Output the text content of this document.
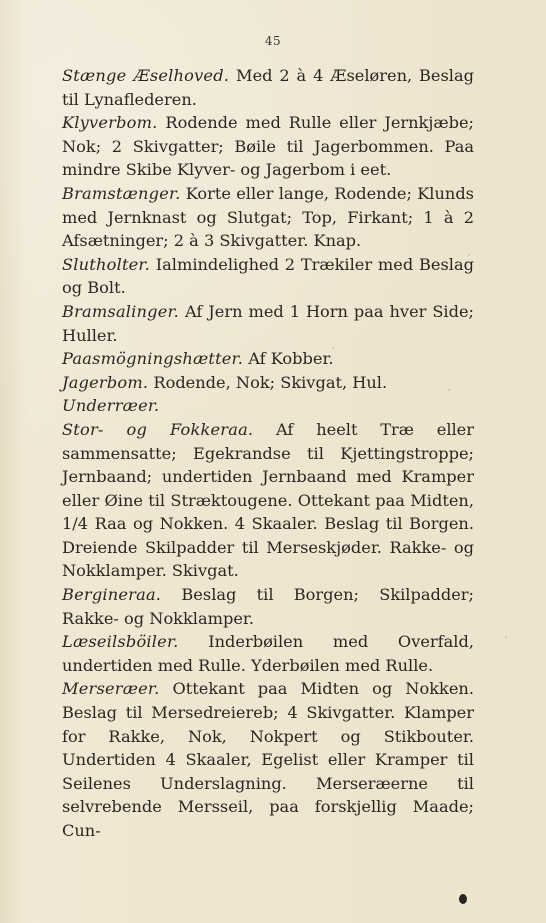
45

Stænge Æselhoved. Med 2 à 4 Æseløren, Beslag til Lynaflederen.

Klyverbom. Rodende med Rulle eller Jernkjæbe; Nok; 2 Skivgatter; Bøile til Jagerbommen. Paa mindre Skibe Klyver- og Jagerbom i eet.

Bramstænger. Korte eller lange, Rodende; Klunds med Jernknast og Slutgat; Top, Firkant; 1 à 2 Afsætninger; 2 à 3 Skivgatter. Knap.

Slutholter. Ialmindelighed 2 Trækiler med Beslag og Bolt.

Bramsalinger. Af Jern med 1 Horn paa hver Side; Huller.

Paasmögningshætter. Af Kobber.

Jagerbom. Rodende, Nok; Skivgat, Hul.

Underræer.

Stor- og Fokkeraa. Af heelt Træ eller sammensatte; Egekrandse til Kjettingstroppe; Jernbaand; undertiden Jernbaand med Kramper eller Øine til Strækt‍ougene. Ottekant paa Midten, 1/4 Raa og Nokken. 4 Skaaler. Beslag til Borgen. Dreiende Skilpadder til Merseskjøder. Rakke- og Nokklamper. Skivgat.

Bergineraa. Beslag til Borgen; Skilpadder; Rakke- og Nokklamper.

Læseilsböiler. Inderbøilen med Overfald, undertiden med Rulle. Yderbøilen med Rulle.

Merseræer. Ottekant paa Midten og Nokken. Beslag til Mersedreiereb; 4 Skivgatter. Klamper for Rakke, Nok, Nokpert og Stikbouter. Undertiden 4 Skaaler, Egelist eller Kramper til Seilenes Underslagning. Merseræerne til selvrebende Mersseil, paa forskjellig Maade; Cun-
